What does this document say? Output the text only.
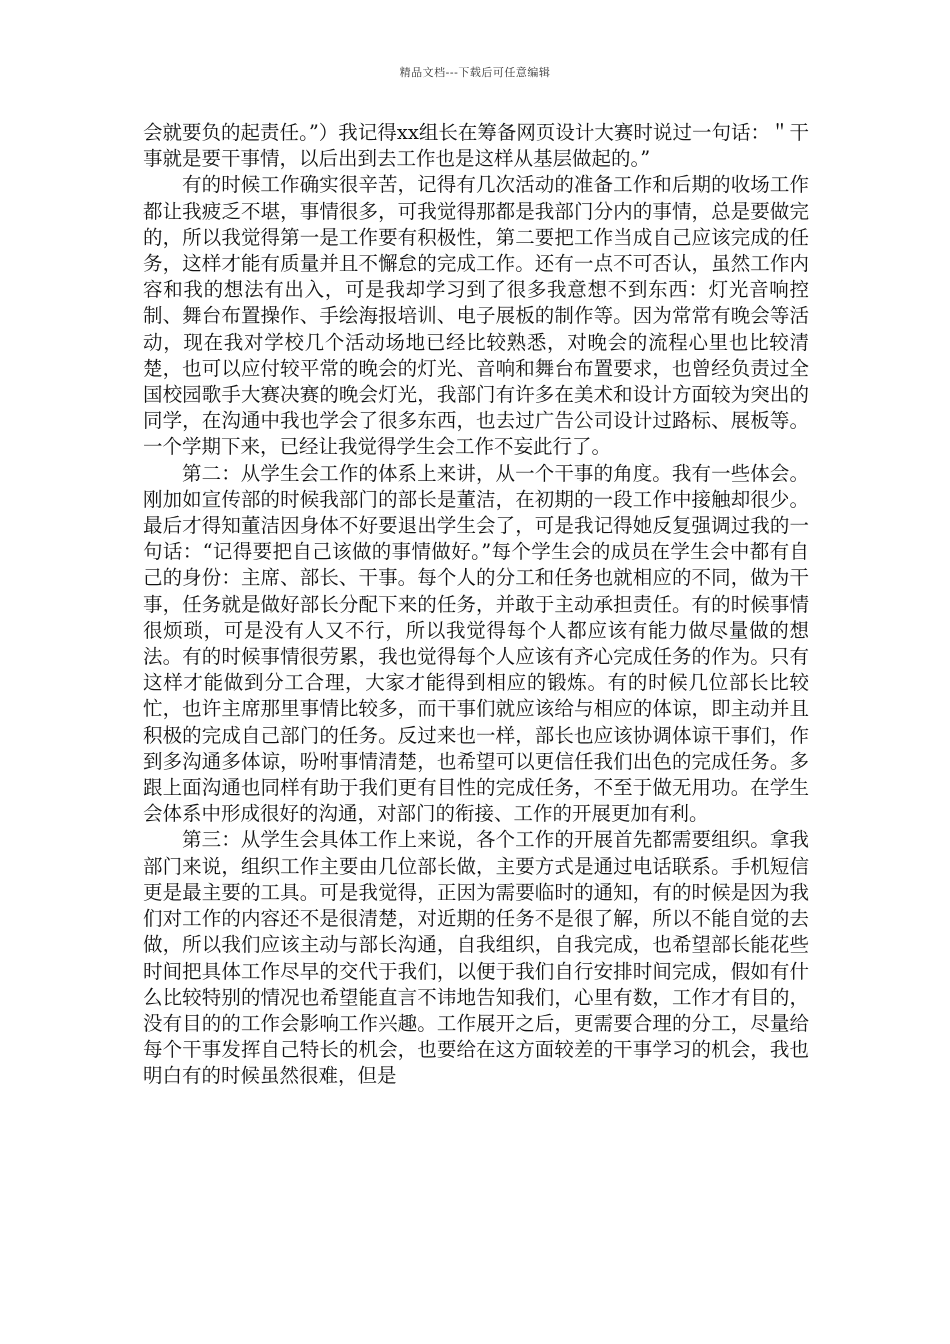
精品文档---下载后可任意编辑

会就要负的起责任。”）我记得xx组长在筹备网页设计大赛时说过一句话：＂干事就是要干事情，以后出到去工作也是这样从基层做起的。”

有的时候工作确实很辛苦，记得有几次活动的准备工作和后期的收场工作都让我疲乏不堪，事情很多，可我觉得那都是我部门分内的事情，总是要做完的，所以我觉得第一是工作要有积极性，第二要把工作当成自己应该完成的任务，这样才能有质量并且不懈怠的完成工作。还有一点不可否认，虽然工作内容和我的想法有出入，可是我却学习到了很多我意想不到东西：灯光音响控制、舞台布置操作、手绘海报培训、电子展板的制作等。因为常常有晚会等活动，现在我对学校几个活动场地已经比较熟悉，对晚会的流程心里也比较清楚，也可以应付较平常的晚会的灯光、音响和舞台布置要求，也曾经负责过全国校园歌手大赛决赛的晚会灯光，我部门有许多在美术和设计方面较为突出的同学，在沟通中我也学会了很多东西，也去过广告公司设计过路标、展板等。一个学期下来，已经让我觉得学生会工作不妄此行了。

第二：从学生会工作的体系上来讲，从一个干事的角度。我有一些体会。刚加如宣传部的时候我部门的部长是董洁，在初期的一段工作中接触却很少。最后才得知董洁因身体不好要退出学生会了，可是我记得她反复强调过我的一句话：“记得要把自己该做的事情做好。”每个学生会的成员在学生会中都有自己的身份：主席、部长、干事。每个人的分工和任务也就相应的不同，做为干事，任务就是做好部长分配下来的任务，并敢于主动承担责任。有的时候事情很烦琐，可是没有人又不行，所以我觉得每个人都应该有能力做尽量做的想法。有的时候事情很劳累，我也觉得每个人应该有齐心完成任务的作为。只有这样才能做到分工合理，大家才能得到相应的锻炼。有的时候几位部长比较忙，也许主席那里事情比较多，而干事们就应该给与相应的体谅，即主动并且积极的完成自己部门的任务。反过来也一样，部长也应该协调体谅干事们，作到多沟通多体谅，吩咐事情清楚，也希望可以更信任我们出色的完成任务。多跟上面沟通也同样有助于我们更有目性的完成任务，不至于做无用功。在学生会体系中形成很好的沟通，对部门的衔接、工作的开展更加有利。

第三：从学生会具体工作上来说，各个工作的开展首先都需要组织。拿我部门来说，组织工作主要由几位部长做，主要方式是通过电话联系。手机短信更是最主要的工具。可是我觉得，正因为需要临时的通知，有的时候是因为我们对工作的内容还不是很清楚，对近期的任务不是很了解，所以不能自觉的去做，所以我们应该主动与部长沟通，自我组织，自我完成，也希望部长能花些时间把具体工作尽早的交代于我们，以便于我们自行安排时间完成，假如有什么比较特别的情况也希望能直言不讳地告知我们，心里有数，工作才有目的，没有目的的工作会影响工作兴趣。工作展开之后，更需要合理的分工，尽量给每个干事发挥自己特长的机会，也要给在这方面较差的干事学习的机会，我也明白有的时候虽然很难，但是
